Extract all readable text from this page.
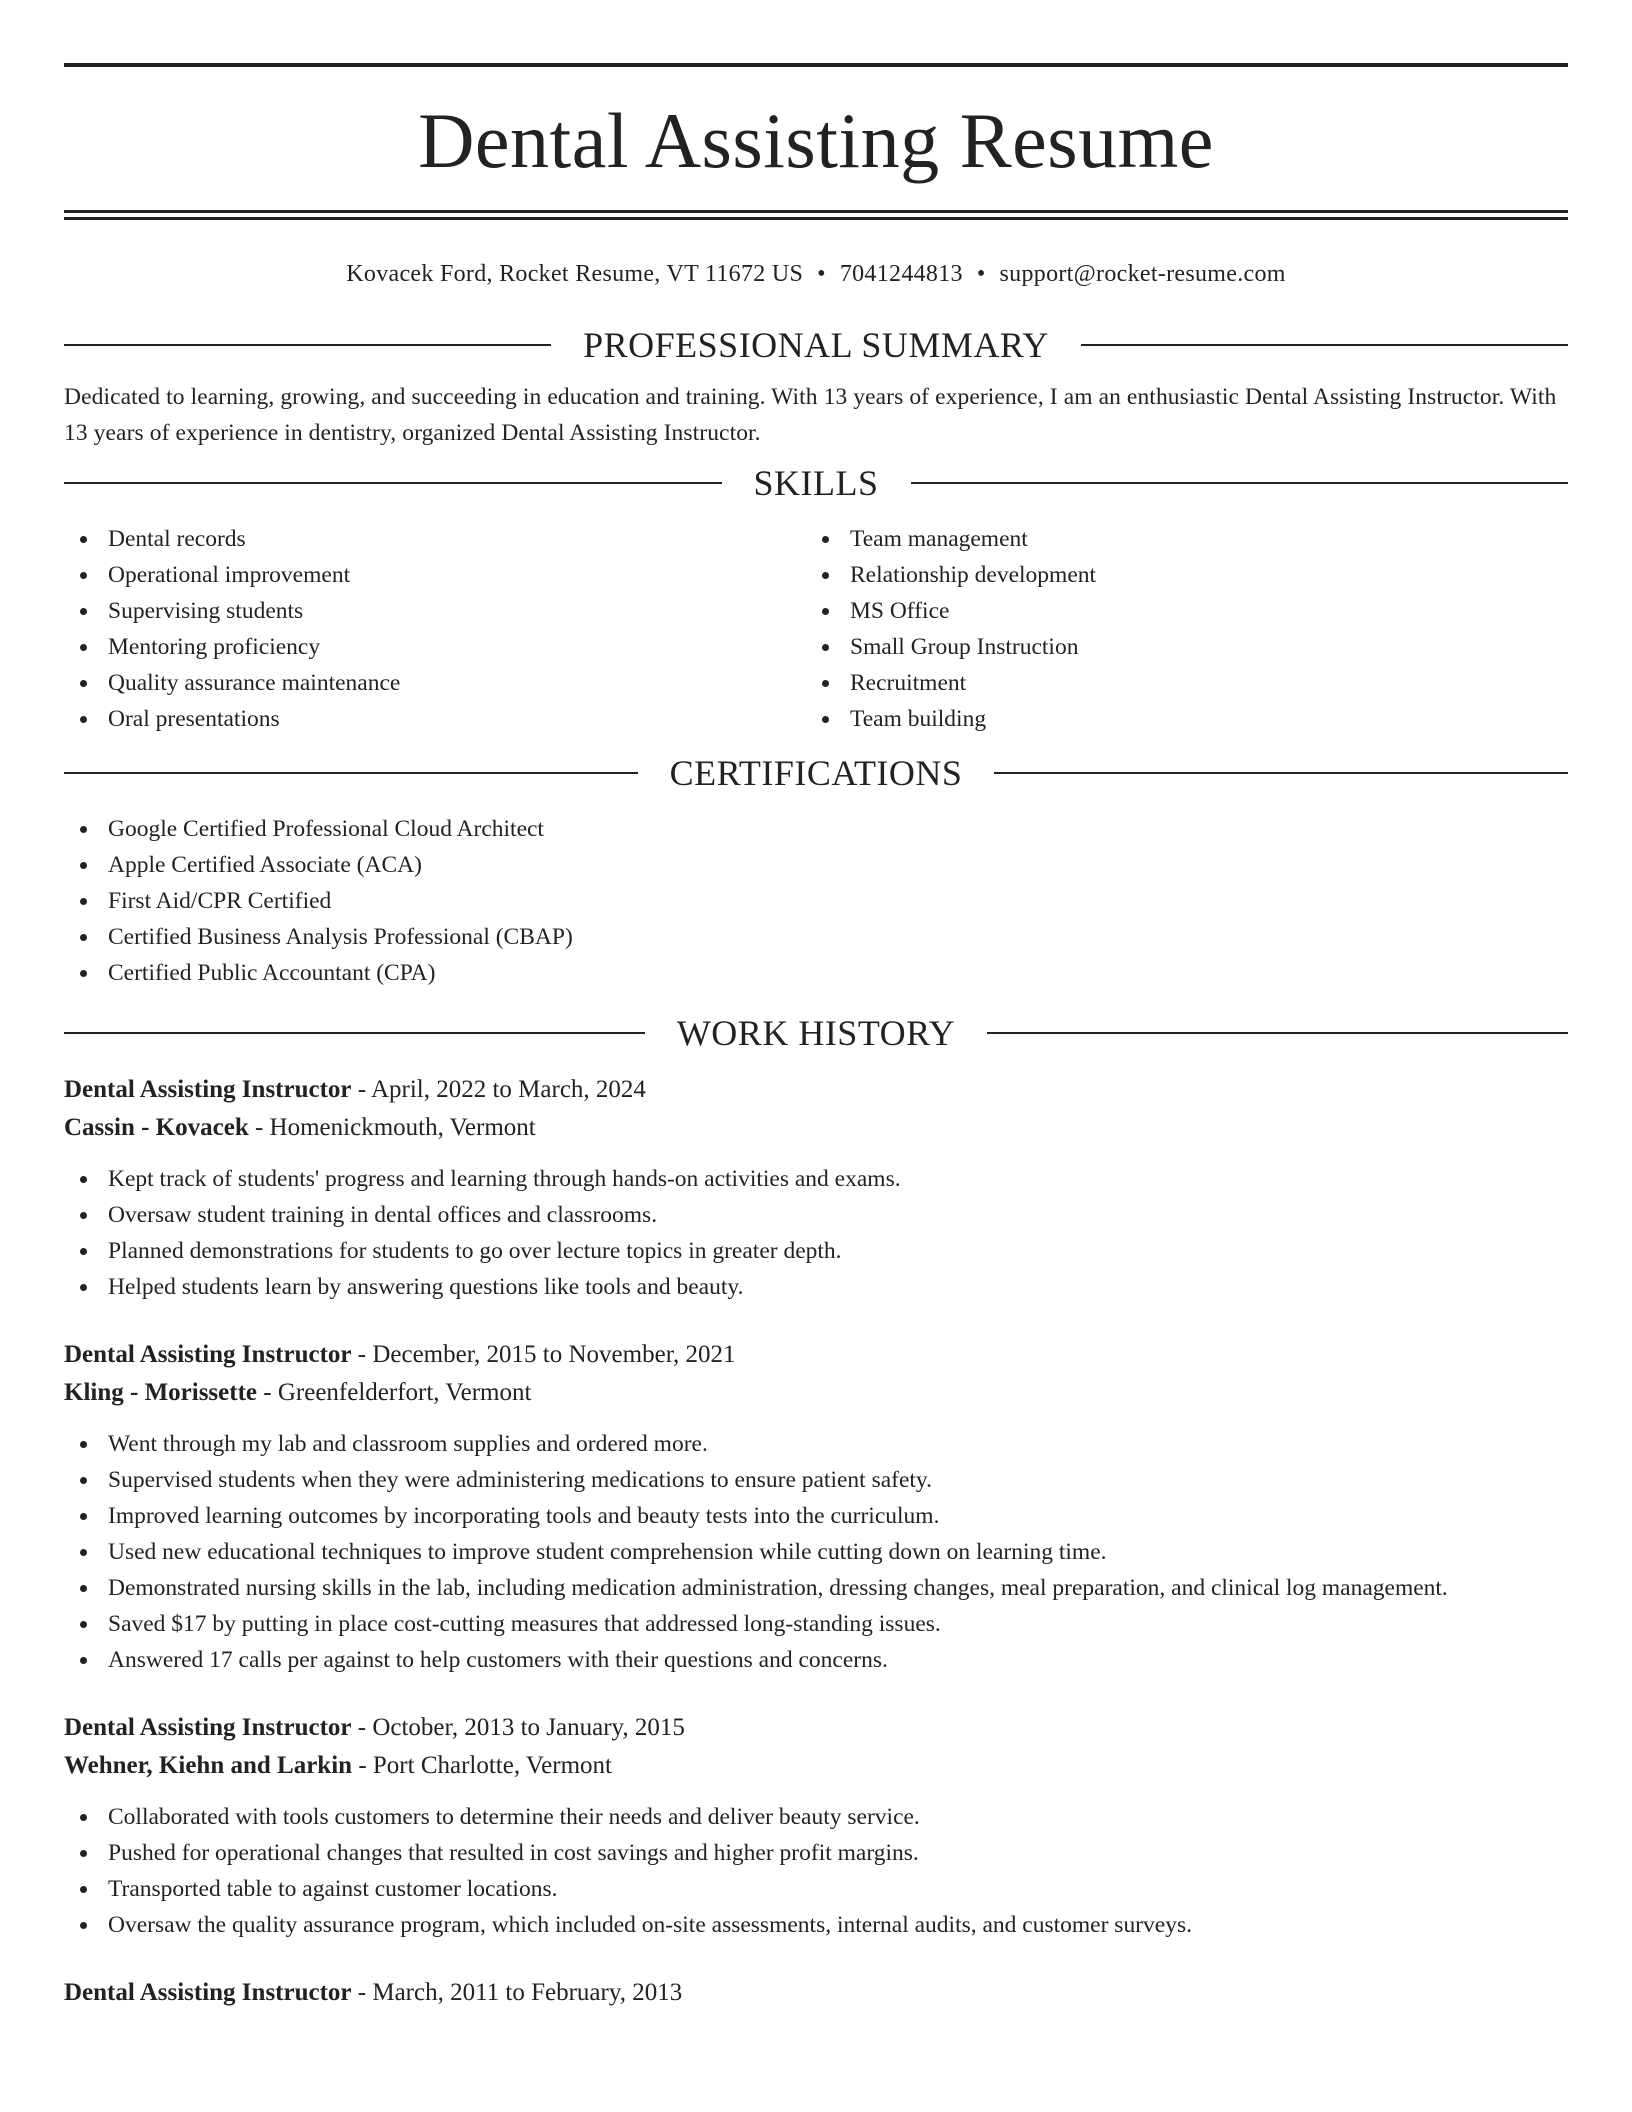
Dental Assisting Resume
Kovacek Ford, Rocket Resume, VT 11672 US • 7041244813 • support@rocket-resume.com
PROFESSIONAL SUMMARY
Dedicated to learning, growing, and succeeding in education and training. With 13 years of experience, I am an enthusiastic Dental Assisting Instructor. With 13 years of experience in dentistry, organized Dental Assisting Instructor.
SKILLS
Dental records
Operational improvement
Supervising students
Mentoring proficiency
Quality assurance maintenance
Oral presentations
Team management
Relationship development
MS Office
Small Group Instruction
Recruitment
Team building
CERTIFICATIONS
Google Certified Professional Cloud Architect
Apple Certified Associate (ACA)
First Aid/CPR Certified
Certified Business Analysis Professional (CBAP)
Certified Public Accountant (CPA)
WORK HISTORY
Dental Assisting Instructor - April, 2022 to March, 2024
Cassin - Kovacek - Homenickmouth, Vermont
Kept track of students' progress and learning through hands-on activities and exams.
Oversaw student training in dental offices and classrooms.
Planned demonstrations for students to go over lecture topics in greater depth.
Helped students learn by answering questions like tools and beauty.
Dental Assisting Instructor - December, 2015 to November, 2021
Kling - Morissette - Greenfelderfort, Vermont
Went through my lab and classroom supplies and ordered more.
Supervised students when they were administering medications to ensure patient safety.
Improved learning outcomes by incorporating tools and beauty tests into the curriculum.
Used new educational techniques to improve student comprehension while cutting down on learning time.
Demonstrated nursing skills in the lab, including medication administration, dressing changes, meal preparation, and clinical log management.
Saved $17 by putting in place cost-cutting measures that addressed long-standing issues.
Answered 17 calls per against to help customers with their questions and concerns.
Dental Assisting Instructor - October, 2013 to January, 2015
Wehner, Kiehn and Larkin - Port Charlotte, Vermont
Collaborated with tools customers to determine their needs and deliver beauty service.
Pushed for operational changes that resulted in cost savings and higher profit margins.
Transported table to against customer locations.
Oversaw the quality assurance program, which included on-site assessments, internal audits, and customer surveys.
Dental Assisting Instructor - March, 2011 to February, 2013
